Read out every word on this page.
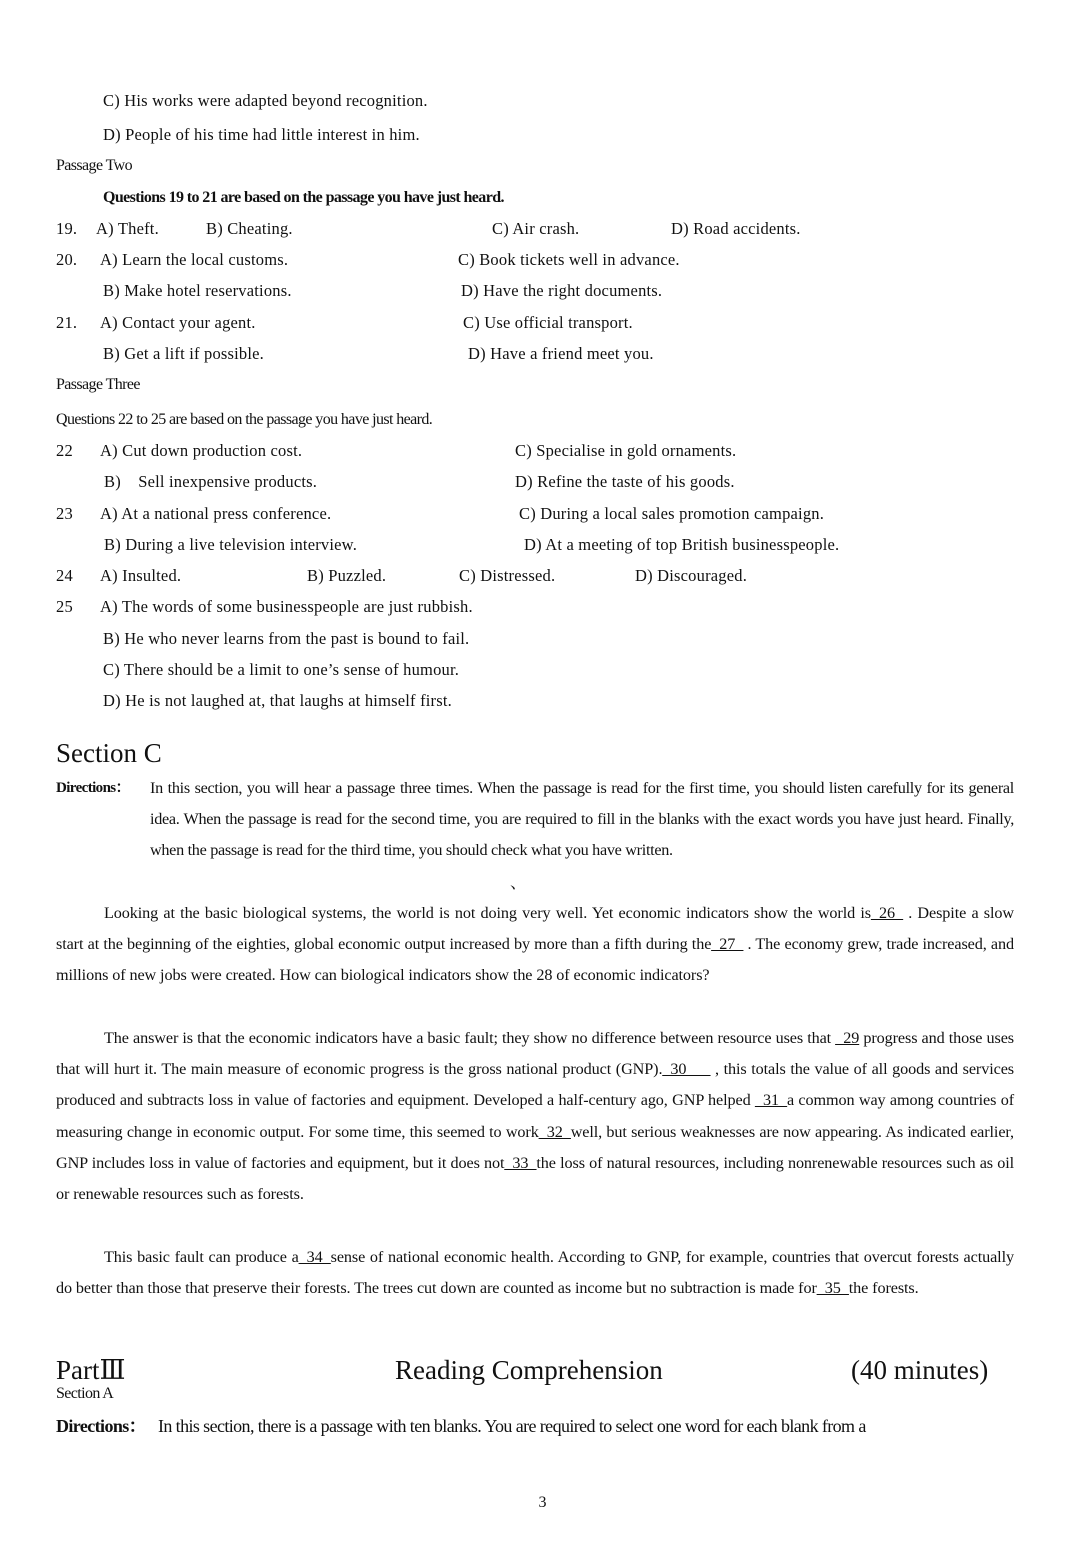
C) His works were adapted beyond recognition.
D) People of his time had little interest in him.
Passage Two
Questions 19 to 21 are based on the passage you have just heard.
19. A) Theft.	B) Cheating.	C) Air crash.	D) Road accidents.
20. A) Learn the local customs.	C) Book tickets well in advance.
B) Make hotel reservations.	D) Have the right documents.
21. A) Contact your agent.	C) Use official transport.
B) Get a lift if possible.	D) Have a friend meet you.
Passage Three
Questions 22 to 25 are based on the passage you have just heard.
22 A) Cut down production cost.	C) Specialise in gold ornaments.
B)    Sell inexpensive products.	D) Refine the taste of his goods.
23 A) At a national press conference.	C) During a local sales promotion campaign.
B) During a live television interview.	D) At a meeting of top British businesspeople.
24 A) Insulted.	B) Puzzled.	C) Distressed.	D) Discouraged.
25 A) The words of some businesspeople are just rubbish.
B) He who never learns from the past is bound to fail.
C) There should be a limit to one’s sense of humour.
D) He is not laughed at, that laughs at himself first.
Section C
Directions： In this section, you will hear a passage three times. When the passage is read for the first time, you should listen carefully for its general idea. When the passage is read for the second time, you are required to fill in the blanks with the exact words you have just heard. Finally, when the passage is read for the third time, you should check what you have written.
、
Looking at the basic biological systems, the world is not doing very well. Yet economic indicators show the world is_26_ . Despite a slow start at the beginning of the eighties, global economic output increased by more than a fifth during the_27_ . The economy grew, trade increased, and millions of new jobs were created. How can biological indicators show the 28 of economic indicators?
The answer is that the economic indicators have a basic fault; they show no difference between resource uses that _29 progress and those uses that will hurt it. The main measure of economic progress is the gross national product (GNP)._30___ , this totals the value of all goods and services produced and subtracts loss in value of factories and equipment. Developed a half-century ago, GNP helped _31_a common way among countries of measuring change in economic output. For some time, this seemed to work_32_well, but serious weaknesses are now appearing. As indicated earlier, GNP includes loss in value of factories and equipment, but it does not_33_the loss of natural resources, including nonrenewable resources such as oil or renewable resources such as forests.
This basic fault can produce a_34_sense of national economic health. According to GNP, for example, countries that overcut forests actually do better than those that preserve their forests. The trees cut down are counted as income but no subtraction is made for_35_the forests.
PartⅢ	Reading Comprehension	(40 minutes)
Section A
Directions： In this section, there is a passage with ten blanks. You are required to select one word for each blank from a
3
